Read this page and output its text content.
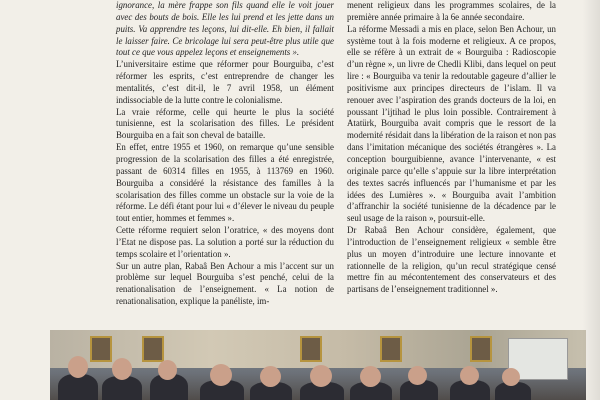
ignorance, la mère frappe son fils quand elle le voit jouer avec des bouts de bois. Elle les lui prend et les jette dans un puits. Va apprendre tes leçons, lui dit-elle. Eh bien, il fallait le laisser faire. Ce bricolage lui sera peut-être plus utile que tout ce que vous appelez leçons et enseignements ».

L’universitaire estime que réformer pour Bourguiba, c’est réformer les esprits, c’est entreprendre de changer les mentalités, c’est dit-il, le 7 avril 1958, un élément indissociable de la lutte contre le colonialisme.

La vraie réforme, celle qui heurte le plus la société tunisienne, est la scolarisation des filles. Le président Bourguiba en a fait son cheval de bataille.

En effet, entre 1955 et 1960, on remarque qu’une sensible progression de la scolarisation des filles a été enregistrée, passant de 60314 filles en 1955, à 113769 en 1960. Bourguiba a considéré la résistance des familles à la scolarisation des filles comme un obstacle sur la voie de la réforme. Le défi étant pour lui « d’élever le niveau du peuple tout entier, hommes et femmes ».

Cette réforme requiert selon l’oratrice, « des moyens dont l’Etat ne dispose pas. La solution a porté sur la réduction du temps scolaire et l’orientation ».

Sur un autre plan, Rabaâ Ben Achour a mis l’accent sur un problème sur lequel Bourguiba s’est penché, celui de la renationalisation de l’enseignement. « La notion de renationalisation, explique la panéliste, im-

menent religieux dans les programmes scolaires, de la première année primaire à la 6e année secondaire.

La réforme Messadi a mis en place, selon Ben Achour, un système tout à la fois moderne et religieux. A ce propos, elle se réfère à un extrait de « Bourguiba : Radioscopie d’un règne », un livre de Chedli Klibi, dans lequel on peut lire : « Bourguiba va tenir la redoutable gageure d’allier le positivisme aux principes directeurs de l’islam. Il va renouer avec l’aspiration des grands docteurs de la loi, en poussant l’ijtihad le plus loin possible. Contrairement à Atatürk, Bourguiba avait compris que le ressort de la modernité résidait dans la libération de la raison et non pas dans l’imitation mécanique des sociétés étrangères ». La conception bourguibienne, avance l’intervenante, « est originale parce qu’elle s’appuie sur la libre interprétation des textes sacrés influencés par l’humanisme et par les idées des Lumières ». « Bourguiba avait l’ambition d’affranchir la société tunisienne de la décadence par le seul usage de la raison », poursuit-elle.

Dr Rabaâ Ben Achour considère, également, que l’introduction de l’enseignement religieux « semble être plus un moyen d’introduire une lecture innovante et rationnelle de la religion, qu’un recul stratégique censé mettre fin au mécontentement des conservateurs et des partisans de l’enseignement traditionnel ».
